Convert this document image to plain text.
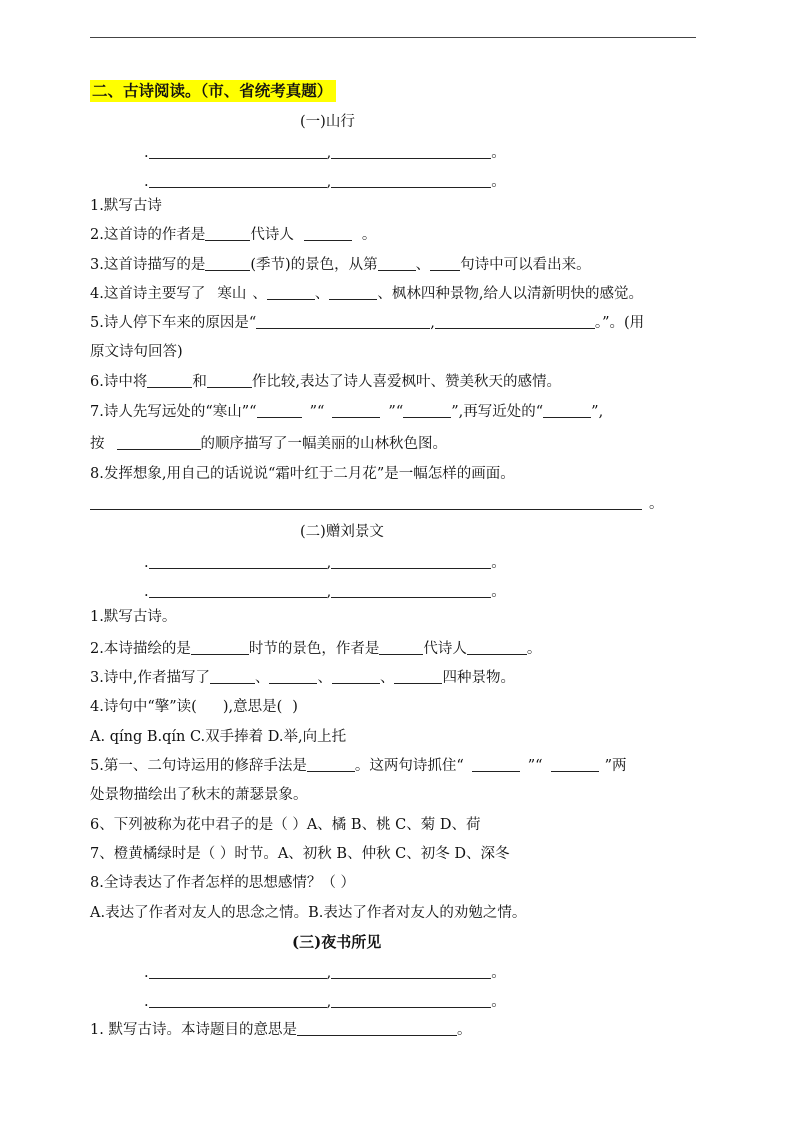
二、古诗阅读。（市、省统考真题）
(一)山行
.	,	。
.	,	。
1.默写古诗
2.这首诗的作者是	代诗人	。
3.这首诗描写的是	(季节)的景色，从第	、 句诗中可以看出来。
4.这首诗主要写了 寒山 、	、	、枫林四种景物,给人以清新明快的感觉。
5.诗人停下车来的原因是“	,	。”。(用
原文诗句回答)
6.诗中将	和	作比较,表达了诗人喜爱枫叶、赞美秋天的感情。
7.诗人先写远处的“寒山”“	”“	”“	”,再写近处的“	”,
按	的顺序描写了一幅美丽的山林秋色图。
8.发挥想象,用自己的话说说“霜叶红于二月花”是一幅怎样的画面。
。
(二)赠刘景文
.	,	。
.	,	。
1.默写古诗。
2.本诗描绘的是	时节的景色，作者是	代诗人	。
3.诗中,作者描写了	、	、	、	四种景物。
4.诗句中“擎”读( ),意思是( )
A. qíng B.qín C.双手捧着 D.举,向上托
5.第一、二句诗运用的修辞手法是	。这两句诗抓住“	”“	”两
处景物描绘出了秋末的萧瑟景象。
6、下列被称为花中君子的是（ ）A、橘 B、桃 C、菊 D、荷
7、橙黄橘绿时是（ ）时节。A、初秋 B、仲秋 C、初冬 D、深冬
8.全诗表达了作者怎样的思想感情？（ ）
A.表达了作者对友人的思念之情。B.表达了作者对友人的劝勉之情。
(三)夜书所见
.	,	。
.	,	。
1. 默写古诗。本诗题目的意思是	。
